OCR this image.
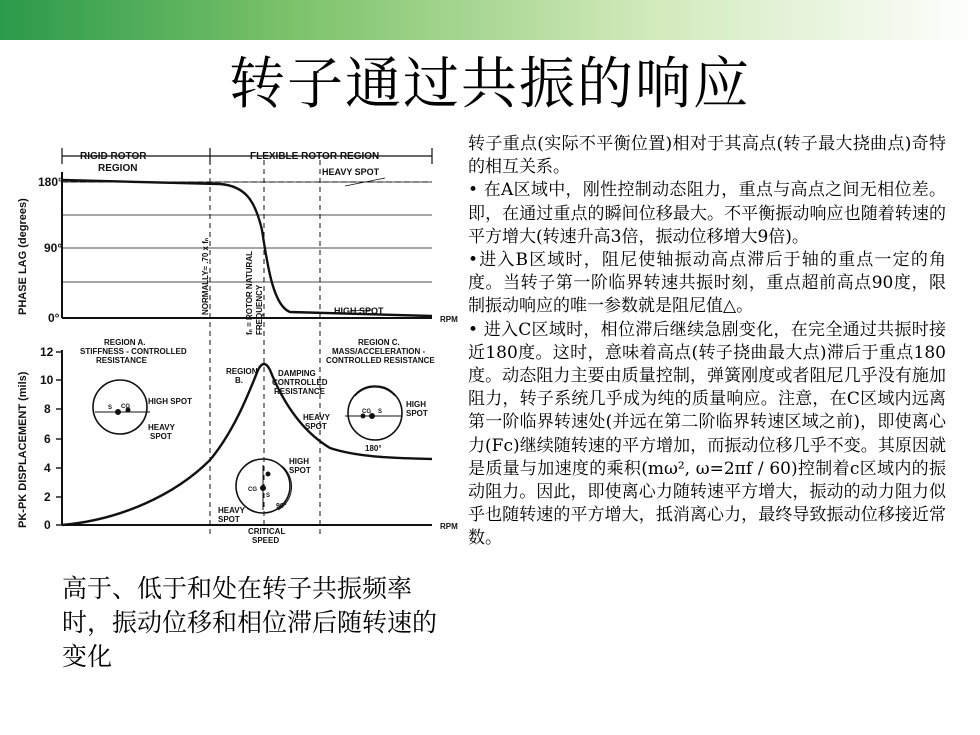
转子通过共振的响应
RIGID ROTOR
REGION
FLEXIBLE ROTOR REGION
HEAVY SPOT
HIGH SPOT
180°
90°
0°	RPM
PHASE LAG (degrees)	NORMALLY≈ .70 x fₙ	fₙ = ROTOR NATURAL FREQUENCY
12
10
8
6
4
2
0	RPM
PK-PK DISPLACEMENT (mils)
REGION A.
STIFFNESS - CONTROLLED
RESISTANCE
REGION
B.
DAMPING
CONTROLLED
RESISTANCE
REGION C.
MASS/ACCELERATION -
CONTROLLED RESISTANCE
HIGH SPOT
HEAVY
SPOT
S CG
HEAVY
SPOT
HIGH
SPOT
CG S
180°
HIGH
SPOT
CG
S
90°
HEAVY
SPOT
CRITICAL
SPEED
高于、低于和处在转子共振频率时，振动位移和相位滞后随转速的变化

转子重点(实际不平衡位置)相对于其高点(转子最大挠曲点)奇特的相互关系。

• 在A区域中，刚性控制动态阻力，重点与高点之间无相位差。即，在通过重点的瞬间位移最大。不平衡振动响应也随着转速的平方增大(转速升高3倍，振动位移增大9倍)。

•进入B区域时，阻尼使轴振动高点滞后于轴的重点一定的角度。当转子第一阶临界转速共振时刻，重点超前高点90度，限制振动响应的唯一参数就是阻尼值△。

• 进入C区域时，相位滞后继续急剧变化，在完全通过共振时接近180度。这时，意味着高点(转子挠曲最大点)滞后于重点180度。动态阻力主要由质量控制，弹簧刚度或者阻尼几乎没有施加阻力，转子系统几乎成为纯的质量响应。注意，在C区域内远离第一阶临界转速处(并远在第二阶临界转速区域之前)，即使离心力(Fc)继续随转速的平方增加，而振动位移几乎不变。其原因就是质量与加速度的乘积(mω², ω=2πf / 60)控制着c区域内的振动阻力。因此，即使离心力随转速平方增大，振动的动力阻力似乎也随转速的平方增大，抵消离心力，最终导致振动位移接近常数。
